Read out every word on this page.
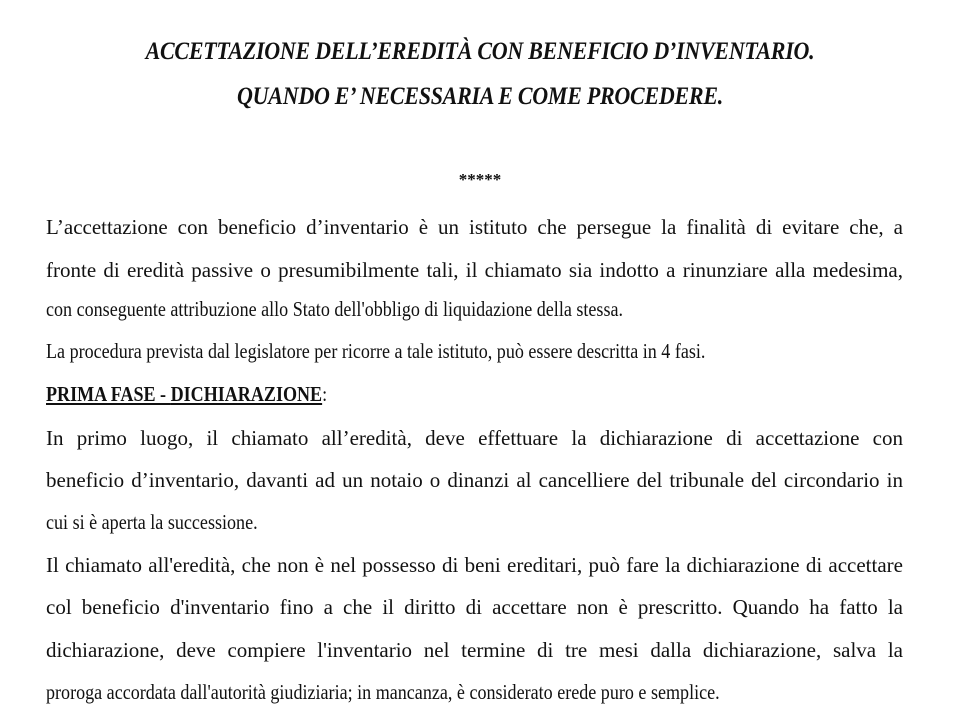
ACCETTAZIONE DELL’EREDITÀ CON BENEFICIO D’INVENTARIO.
QUANDO E’ NECESSARIA E COME PROCEDERE.
*****
L’accettazione con beneficio d’inventario è un istituto che persegue la finalità di evitare che, a
fronte di eredità passive o presumibilmente tali, il chiamato sia indotto a rinunziare alla medesima,
con conseguente attribuzione allo Stato dell'obbligo di liquidazione della stessa.
La procedura prevista dal legislatore per ricorre a tale istituto, può essere descritta in 4 fasi.
PRIMA FASE - DICHIARAZIONE:
In primo luogo, il chiamato all’eredità, deve effettuare la dichiarazione di accettazione con
beneficio d’inventario, davanti ad un notaio o dinanzi al cancelliere del tribunale del circondario in
cui si è aperta la successione.
Il chiamato all'eredità, che non è nel possesso di beni ereditari, può fare la dichiarazione di accettare
col beneficio d'inventario fino a che il diritto di accettare non è prescritto. Quando ha fatto la
dichiarazione, deve compiere l'inventario nel termine di tre mesi dalla dichiarazione, salva la
proroga accordata dall'autorità giudiziaria; in mancanza, è considerato erede puro e semplice.
